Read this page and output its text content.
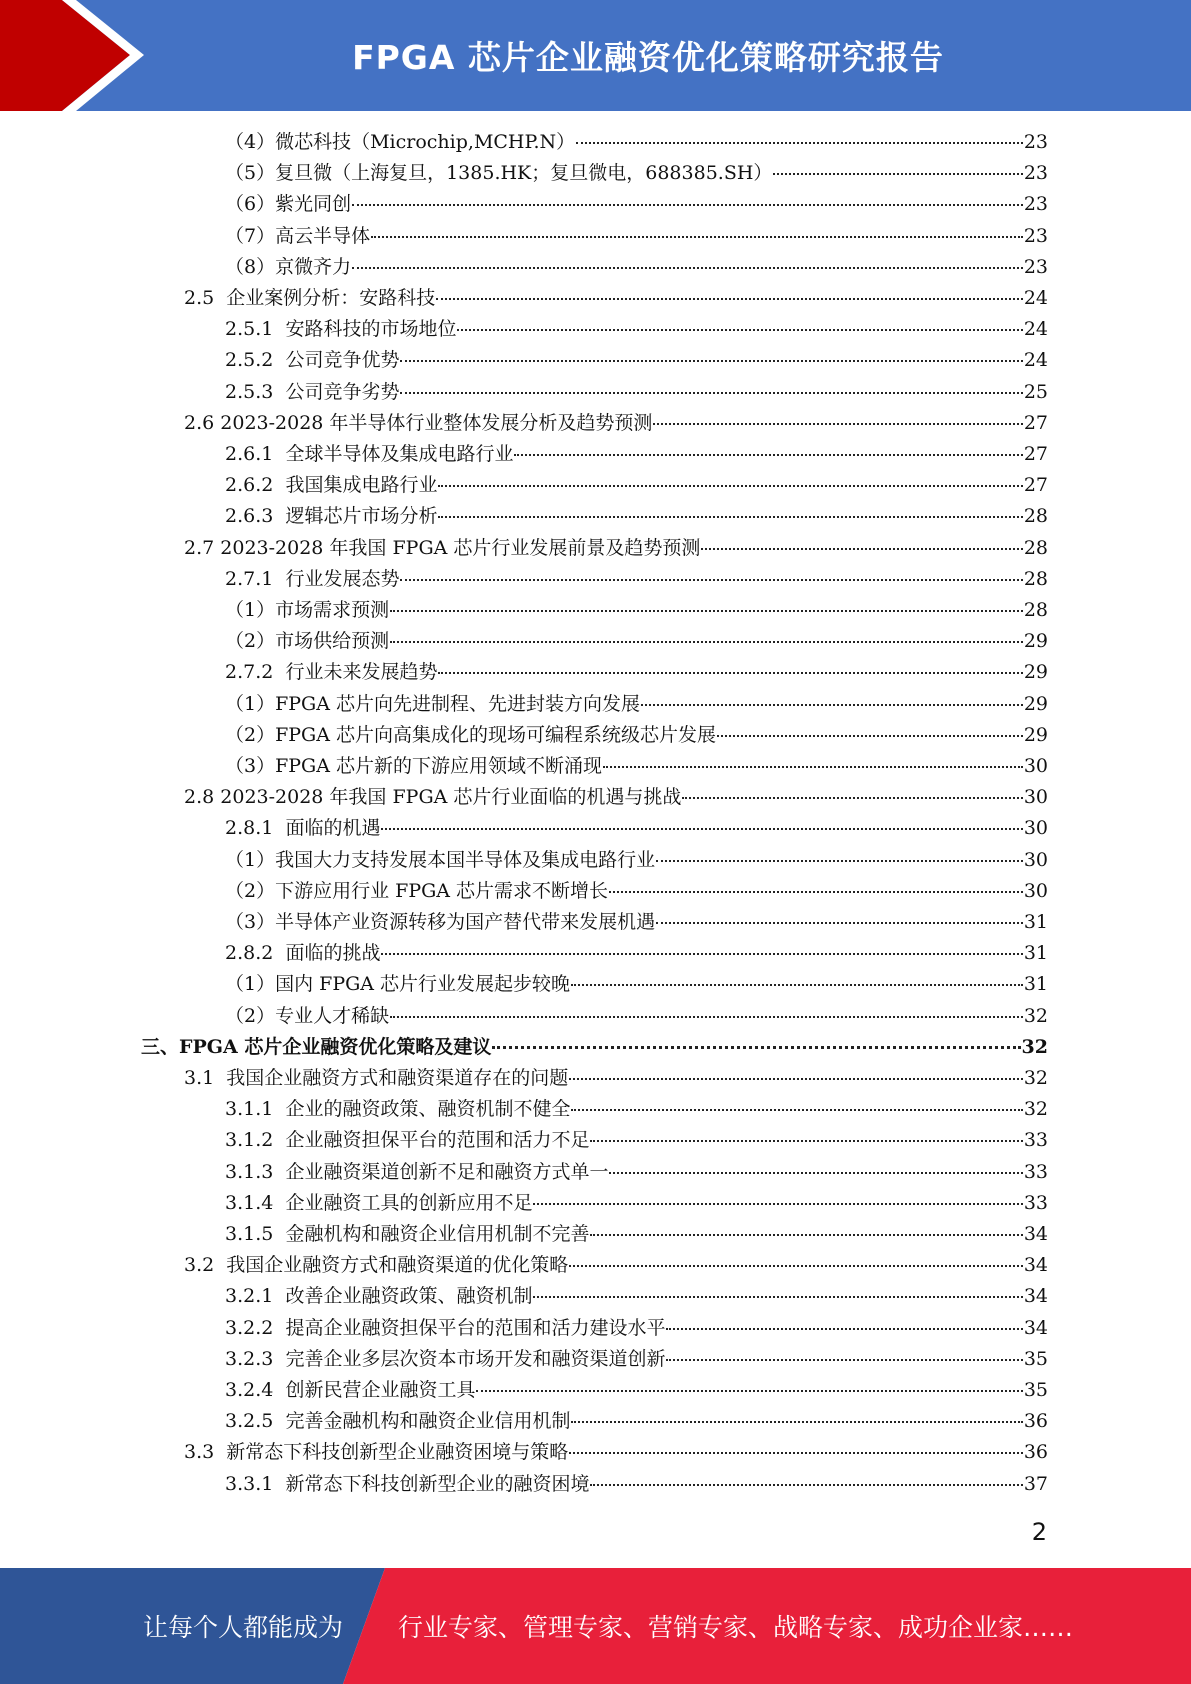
FPGA 芯片企业融资优化策略研究报告
（4） 微芯科技（Microchip,MCHP.N）	23
（5） 复旦微（上海复旦，1385.HK；复旦微电，688385.SH）	23
（6） 紫光同创	23
（7） 高云半导体	23
（8） 京微齐力	23
2.5 企业案例分析：安路科技	24
2.5.1 安路科技的市场地位	24
2.5.2 公司竞争优势	24
2.5.3 公司竞争劣势	25
2.6 2023-2028 年半导体行业整体发展分析及趋势预测	27
2.6.1 全球半导体及集成电路行业	27
2.6.2 我国集成电路行业	27
2.6.3 逻辑芯片市场分析	28
2.7 2023-2028 年我国 FPGA 芯片行业发展前景及趋势预测	28
2.7.1 行业发展态势	28
（1） 市场需求预测	28
（2） 市场供给预测	29
2.7.2 行业未来发展趋势	29
（1） FPGA 芯片向先进制程、先进封装方向发展	29
（2） FPGA 芯片向高集成化的现场可编程系统级芯片发展	29
（3） FPGA 芯片新的下游应用领域不断涌现	30
2.8 2023-2028 年我国 FPGA 芯片行业面临的机遇与挑战	30
2.8.1 面临的机遇	30
（1） 我国大力支持发展本国半导体及集成电路行业	30
（2） 下游应用行业 FPGA 芯片需求不断增长	30
（3） 半导体产业资源转移为国产替代带来发展机遇	31
2.8.2 面临的挑战	31
（1） 国内 FPGA 芯片行业发展起步较晚	31
（2） 专业人才稀缺	32
三、 FPGA 芯片企业融资优化策略及建议	32
3.1 我国企业融资方式和融资渠道存在的问题	32
3.1.1 企业的融资政策、融资机制不健全	32
3.1.2 企业融资担保平台的范围和活力不足	33
3.1.3 企业融资渠道创新不足和融资方式单一	33
3.1.4 企业融资工具的创新应用不足	33
3.1.5 金融机构和融资企业信用机制不完善	34
3.2 我国企业融资方式和融资渠道的优化策略	34
3.2.1 改善企业融资政策、融资机制	34
3.2.2 提高企业融资担保平台的范围和活力建设水平	34
3.2.3 完善企业多层次资本市场开发和融资渠道创新	35
3.2.4 创新民营企业融资工具	35
3.2.5 完善金融机构和融资企业信用机制	36
3.3 新常态下科技创新型企业融资困境与策略	36
3.3.1 新常态下科技创新型企业的融资困境	37
2
让每个人都能成为 行业专家、管理专家、营销专家、战略专家、成功企业家……
